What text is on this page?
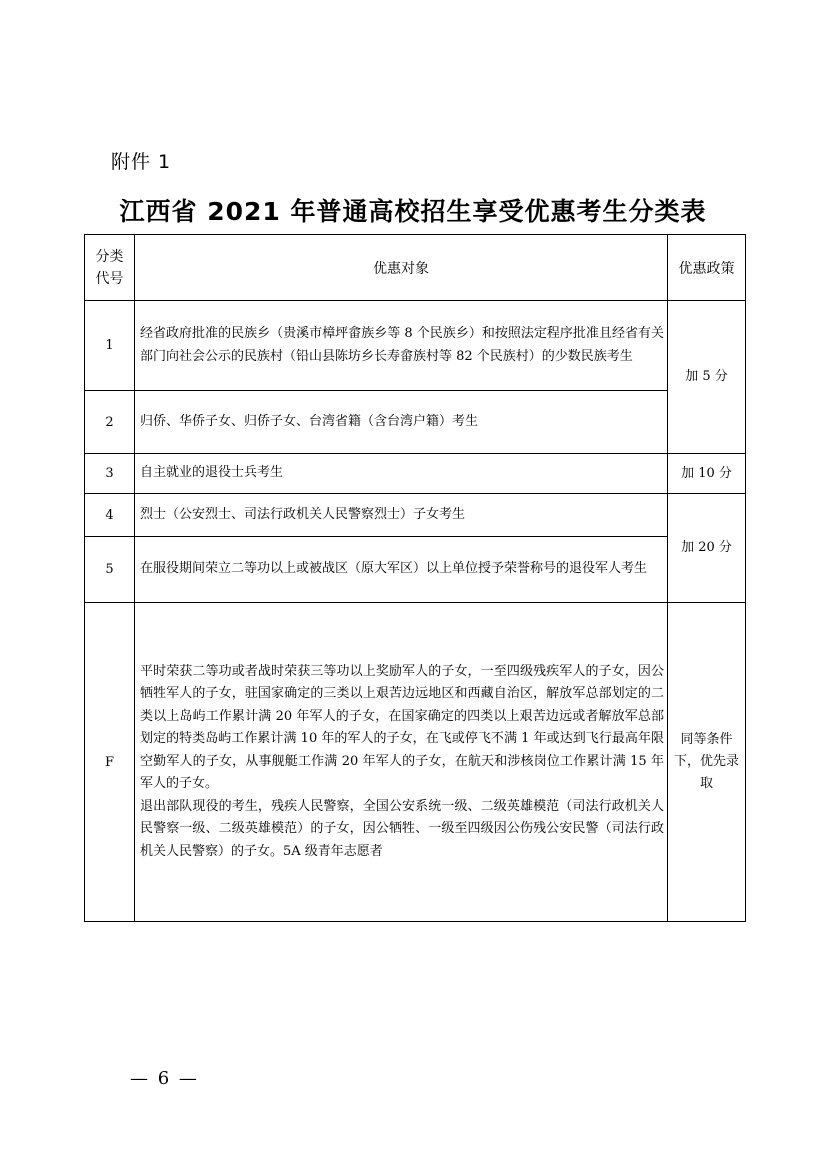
附件 1
江西省 2021 年普通高校招生享受优惠考生分类表
分类
代号	优惠对象	优惠政策
1	经省政府批准的民族乡（贵溪市樟坪畲族乡等 8 个民族乡）和按照法定程序批准且经省有关部门向社会公示的民族村（铅山县陈坊乡长寿畲族村等 82 个民族村）的少数民族考生	加 5 分
2	归侨、华侨子女、归侨子女、台湾省籍（含台湾户籍）考生	
3	自主就业的退役士兵考生	加 10 分
4	烈士（公安烈士、司法行政机关人民警察烈士）子女考生	加 20 分
5	在服役期间荣立二等功以上或被战区（原大军区）以上单位授予荣誉称号的退役军人考生	
F	平时荣获二等功或者战时荣获三等功以上奖励军人的子女，一至四级残疾军人的子女，因公牺牲军人的子女，驻国家确定的三类以上艰苦边远地区和西藏自治区，解放军总部划定的二类以上岛屿工作累计满 20 年军人的子女，在国家确定的四类以上艰苦边远或者解放军总部划定的特类岛屿工作累计满 10 年的军人的子女，在飞或停飞不满 1 年或达到飞行最高年限空勤军人的子女，从事舰艇工作满 20 年军人的子女，在航天和涉核岗位工作累计满 15 年军人的子女。
退出部队现役的考生，残疾人民警察，全国公安系统一级、二级英雄模范（司法行政机关人民警察一级、二级英雄模范）的子女，因公牺牲、一级至四级因公伤残公安民警（司法行政机关人民警察）的子女。5A 级青年志愿者	同等条件下，优先录取
— 6 —
